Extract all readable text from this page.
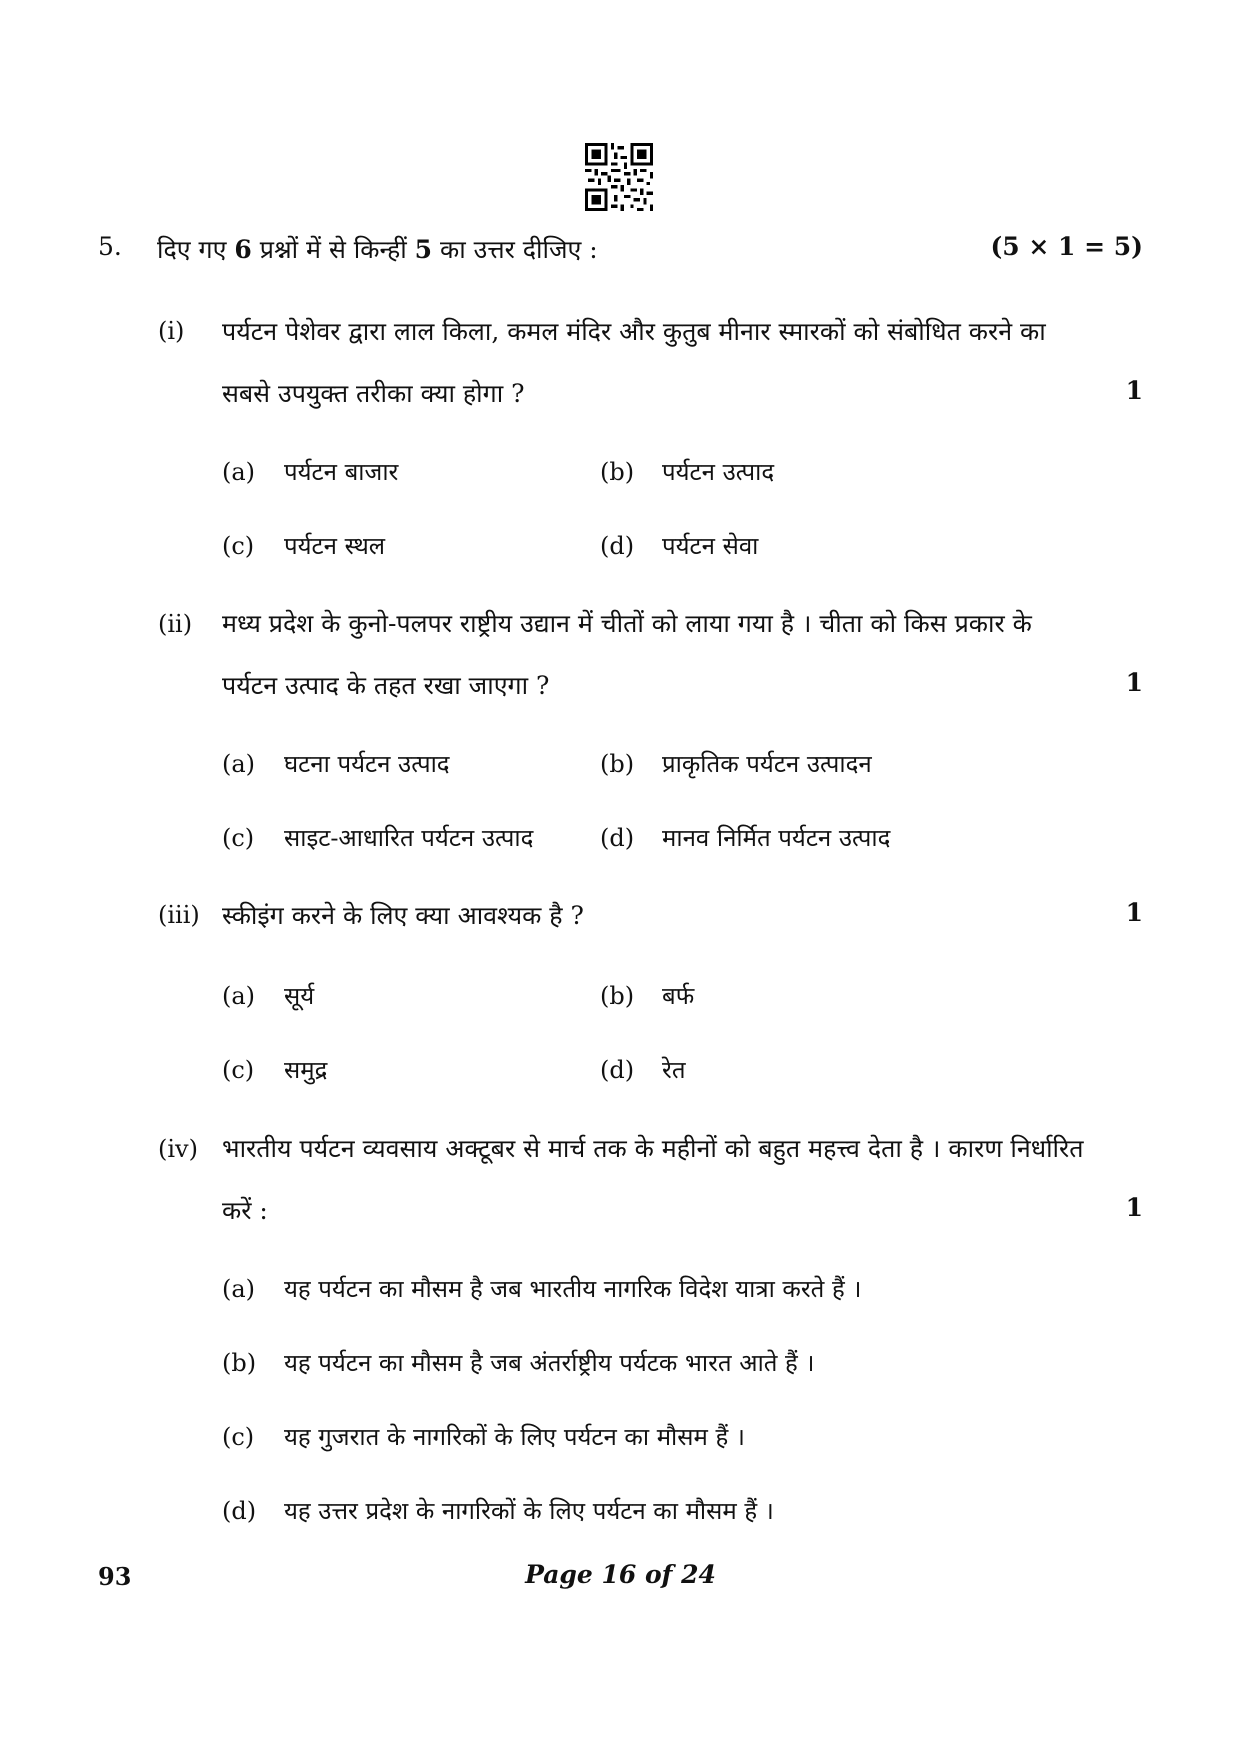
5. दिए गए 6 प्रश्नों में से किन्हीं 5 का उत्तर दीजिए :	(5 × 1 = 5)
(i) पर्यटन पेशेवर द्वारा लाल किला, कमल मंदिर और कुतुब मीनार स्मारकों को संबोधित करने का
सबसे उपयुक्त तरीका क्या होगा ?	1
(a) पर्यटन बाजार	(b) पर्यटन उत्पाद
(c) पर्यटन स्थल	(d) पर्यटन सेवा
(ii) मध्य प्रदेश के कुनो-पलपर राष्ट्रीय उद्यान में चीतों को लाया गया है । चीता को किस प्रकार के
पर्यटन उत्पाद के तहत रखा जाएगा ?	1
(a) घटना पर्यटन उत्पाद	(b) प्राकृतिक पर्यटन उत्पादन
(c) साइट-आधारित पर्यटन उत्पाद	(d) मानव निर्मित पर्यटन उत्पाद
(iii) स्कीइंग करने के लिए क्या आवश्यक है ?	1
(a) सूर्य	(b) बर्फ
(c) समुद्र	(d) रेत
(iv) भारतीय पर्यटन व्यवसाय अक्टूबर से मार्च तक के महीनों को बहुत महत्त्व देता है । कारण निर्धारित
करें :	1
(a) यह पर्यटन का मौसम है जब भारतीय नागरिक विदेश यात्रा करते हैं ।
(b) यह पर्यटन का मौसम है जब अंतर्राष्ट्रीय पर्यटक भारत आते हैं ।
(c) यह गुजरात के नागरिकों के लिए पर्यटन का मौसम हैं ।
(d) यह उत्तर प्रदेश के नागरिकों के लिए पर्यटन का मौसम हैं ।
93	Page 16 of 24
